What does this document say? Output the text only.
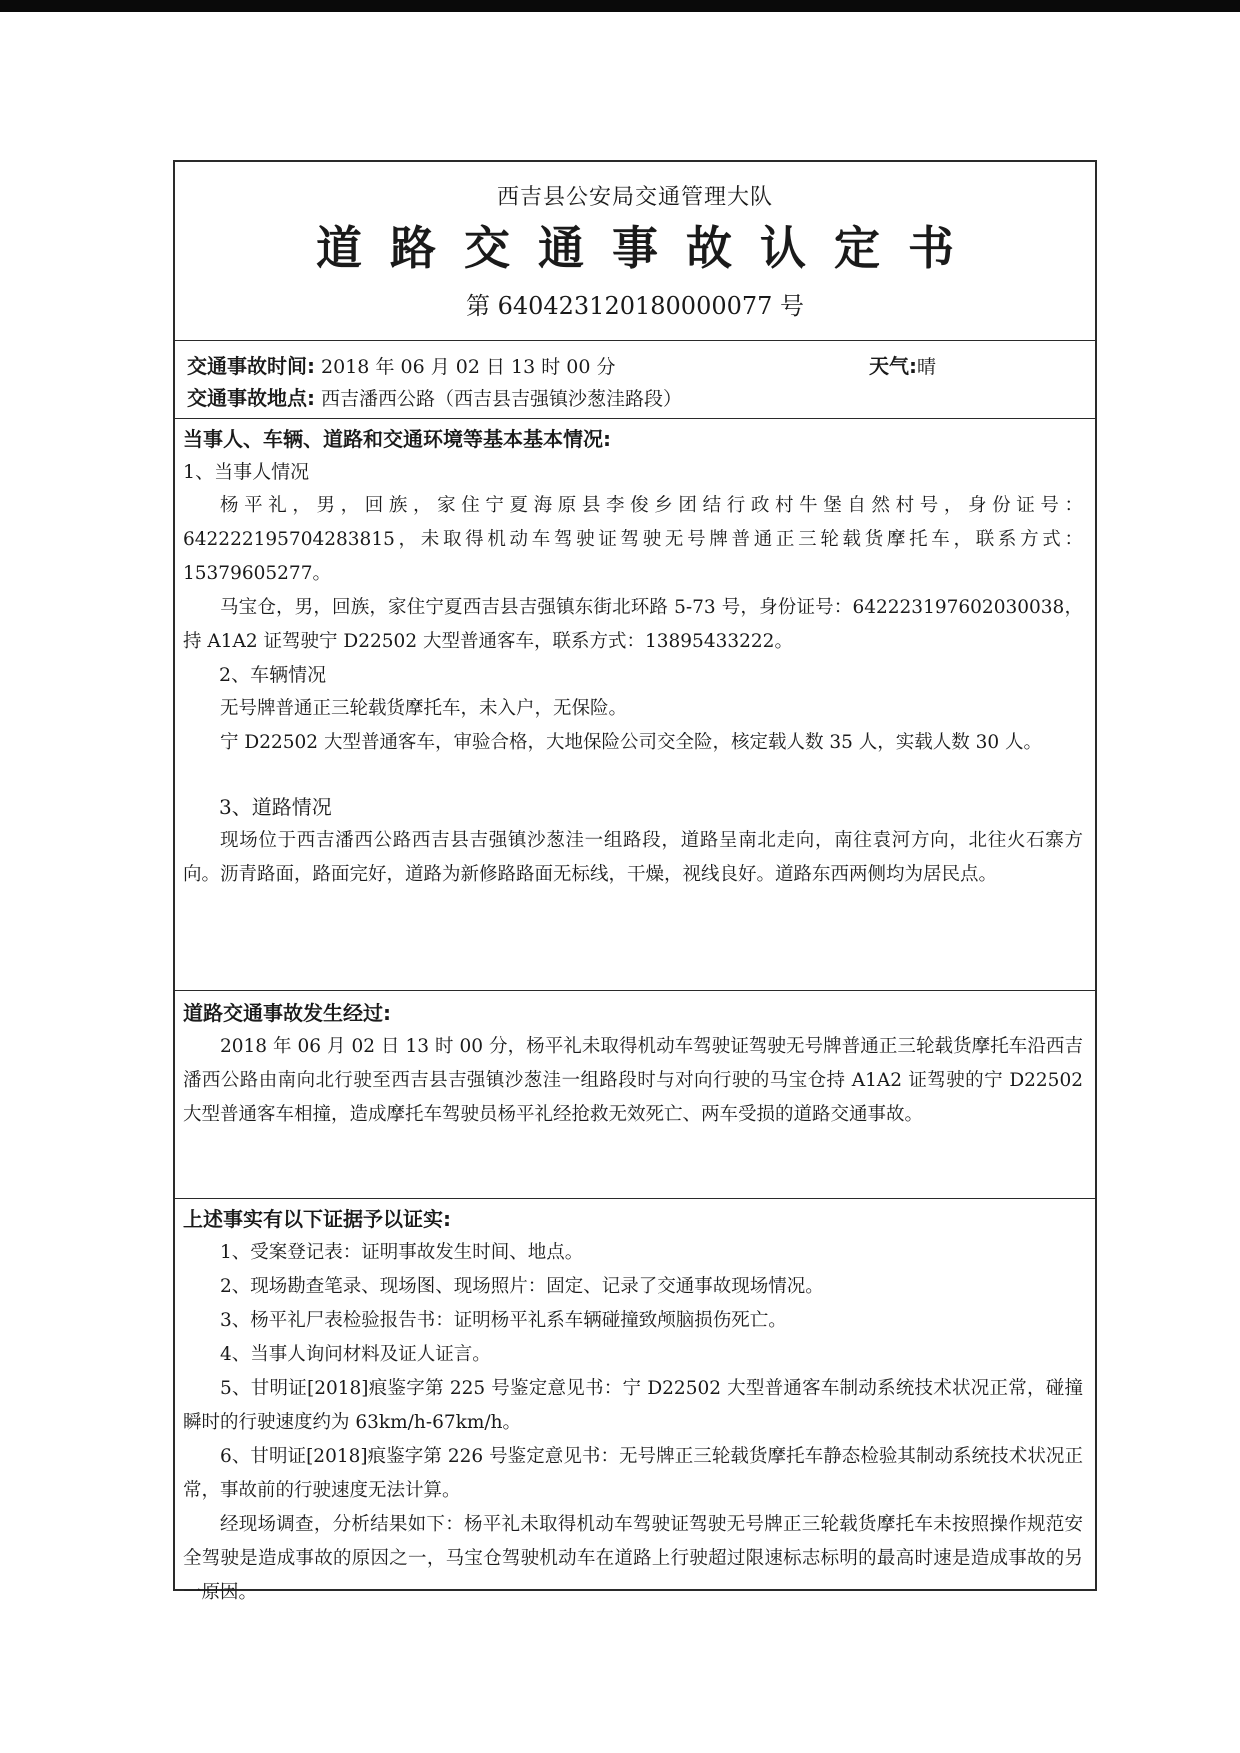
西吉县公安局交通管理大队
道路交通事故认定书
第 640423120180000077 号
交通事故时间: 2018 年 06 月 02 日 13 时 00 分	天气:晴
交通事故地点: 西吉潘西公路（西吉县吉强镇沙葱洼路段）
当事人、车辆、道路和交通环境等基本基本情况:
1、当事人情况
杨平礼，男，回族，家住宁夏海原县李俊乡团结行政村牛堡自然村号，身份证号：642222195704283815，未取得机动车驾驶证驾驶无号牌普通正三轮载货摩托车，联系方式：15379605277。
马宝仓，男，回族，家住宁夏西吉县吉强镇东街北环路 5-73 号，身份证号：642223197602030038，持 A1A2 证驾驶宁 D22502 大型普通客车，联系方式：13895433222。
2、车辆情况
无号牌普通正三轮载货摩托车，未入户，无保险。
宁 D22502 大型普通客车，审验合格，大地保险公司交全险，核定载人数 35 人，实载人数 30 人。
3、道路情况
现场位于西吉潘西公路西吉县吉强镇沙葱洼一组路段，道路呈南北走向，南往袁河方向，北往火石寨方向。沥青路面，路面完好，道路为新修路路面无标线，干燥，视线良好。道路东西两侧均为居民点。
道路交通事故发生经过:
2018 年 06 月 02 日 13 时 00 分，杨平礼未取得机动车驾驶证驾驶无号牌普通正三轮载货摩托车沿西吉潘西公路由南向北行驶至西吉县吉强镇沙葱洼一组路段时与对向行驶的马宝仓持 A1A2 证驾驶的宁 D22502 大型普通客车相撞，造成摩托车驾驶员杨平礼经抢救无效死亡、两车受损的道路交通事故。
上述事实有以下证据予以证实:
1、受案登记表：证明事故发生时间、地点。
2、现场勘查笔录、现场图、现场照片：固定、记录了交通事故现场情况。
3、杨平礼尸表检验报告书：证明杨平礼系车辆碰撞致颅脑损伤死亡。
4、当事人询问材料及证人证言。
5、甘明证[2018]痕鉴字第 225 号鉴定意见书：宁 D22502 大型普通客车制动系统技术状况正常，碰撞瞬时的行驶速度约为 63km/h-67km/h。
6、甘明证[2018]痕鉴字第 226 号鉴定意见书：无号牌正三轮载货摩托车静态检验其制动系统技术状况正常，事故前的行驶速度无法计算。
经现场调查，分析结果如下：杨平礼未取得机动车驾驶证驾驶无号牌正三轮载货摩托车未按照操作规范安全驾驶是造成事故的原因之一，马宝仓驾驶机动车在道路上行驶超过限速标志标明的最高时速是造成事故的另一原因。
